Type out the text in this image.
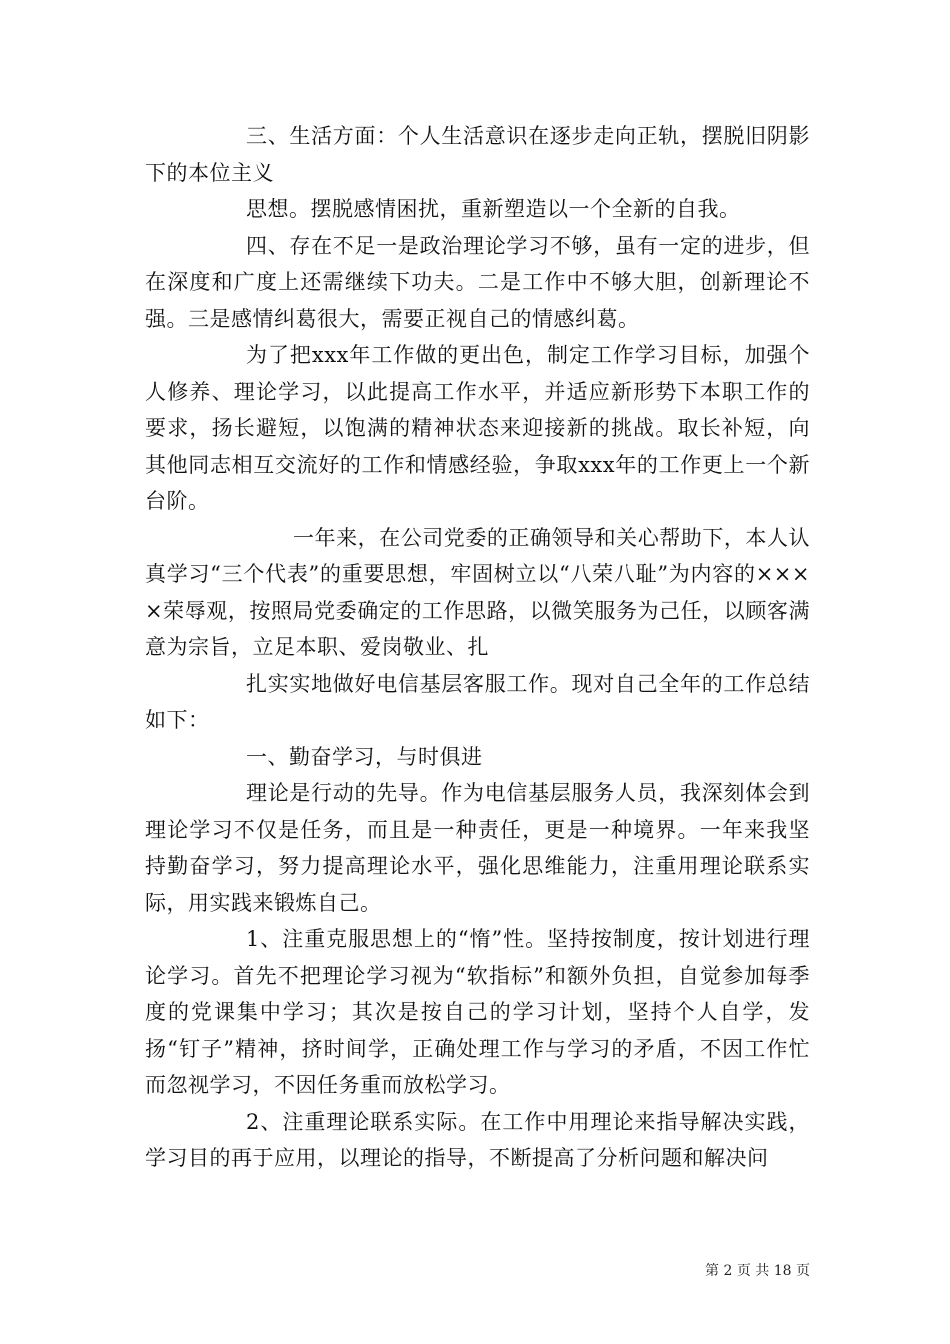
三、生活方面：个人生活意识在逐步走向正轨，摆脱旧阴影下的本位主义

思想。摆脱感情困扰，重新塑造以一个全新的自我。

四、存在不足一是政治理论学习不够，虽有一定的进步，但在深度和广度上还需继续下功夫。二是工作中不够大胆，创新理论不强。三是感情纠葛很大，需要正视自己的情感纠葛。

为了把xxx年工作做的更出色，制定工作学习目标，加强个人修养、理论学习，以此提高工作水平，并适应新形势下本职工作的要求，扬长避短，以饱满的精神状态来迎接新的挑战。取长补短，向其他同志相互交流好的工作和情感经验，争取xxx年的工作更上一个新台阶。

一年来，在公司党委的正确领导和关心帮助下，本人认真学习“三个代表”的重要思想，牢固树立以“八荣八耻”为内容的××××荣辱观，按照局党委确定的工作思路，以微笑服务为己任，以顾客满意为宗旨，立足本职、爱岗敬业、扎

扎实实地做好电信基层客服工作。现对自己全年的工作总结如下：

一、勤奋学习，与时俱进

理论是行动的先导。作为电信基层服务人员，我深刻体会到理论学习不仅是任务，而且是一种责任，更是一种境界。一年来我坚持勤奋学习，努力提高理论水平，强化思维能力，注重用理论联系实际，用实践来锻炼自己。

1、注重克服思想上的“惰”性。坚持按制度，按计划进行理论学习。首先不把理论学习视为“软指标”和额外负担，自觉参加每季度的党课集中学习；其次是按自己的学习计划，坚持个人自学，发扬“钉子”精神，挤时间学，正确处理工作与学习的矛盾，不因工作忙而忽视学习，不因任务重而放松学习。

2、注重理论联系实际。在工作中用理论来指导解决实践，学习目的再于应用，以理论的指导，不断提高了分析问题和解决问

第 2 页 共 18 页
